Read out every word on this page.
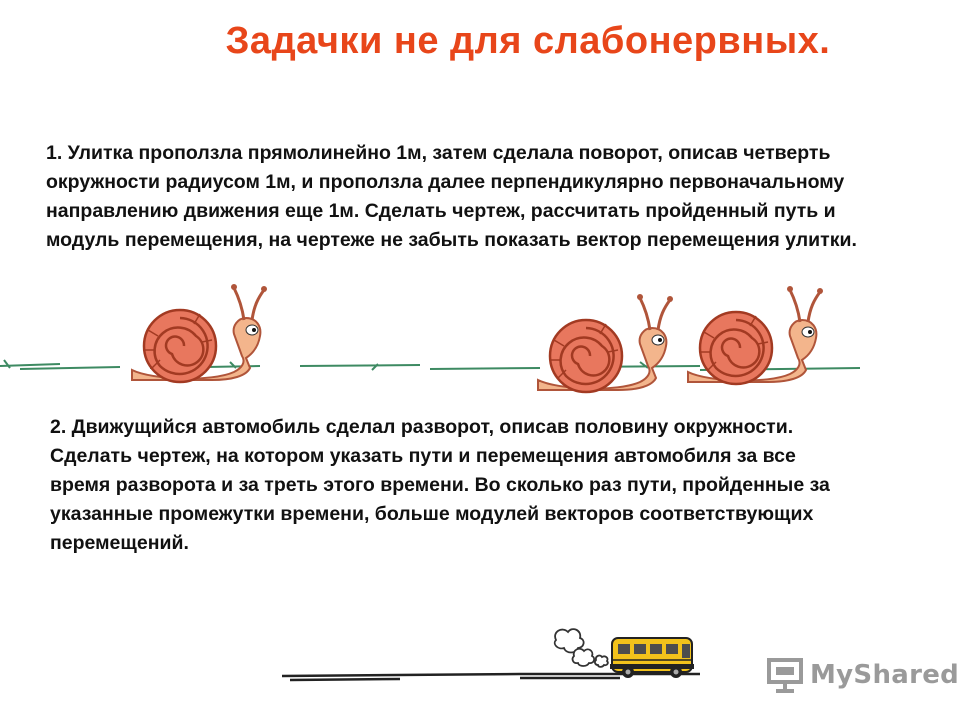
Задачки не для слабонервных.

1. Улитка проползла прямолинейно 1м, затем сделала поворот, описав четверть окружности радиусом 1м, и проползла далее перпендикулярно первоначальному направлению движения еще 1м. Сделать чертеж, рассчитать пройденный путь и модуль перемещения, на чертеже не забыть показать вектор перемещения улитки.

2. Движущийся автомобиль сделал разворот, описав половину окружности. Сделать чертеж, на котором указать пути и перемещения автомобиля за все время разворота и за треть этого времени. Во сколько раз пути, пройденные за указанные промежутки времени, больше модулей векторов соответствующих перемещений.

MyShared
